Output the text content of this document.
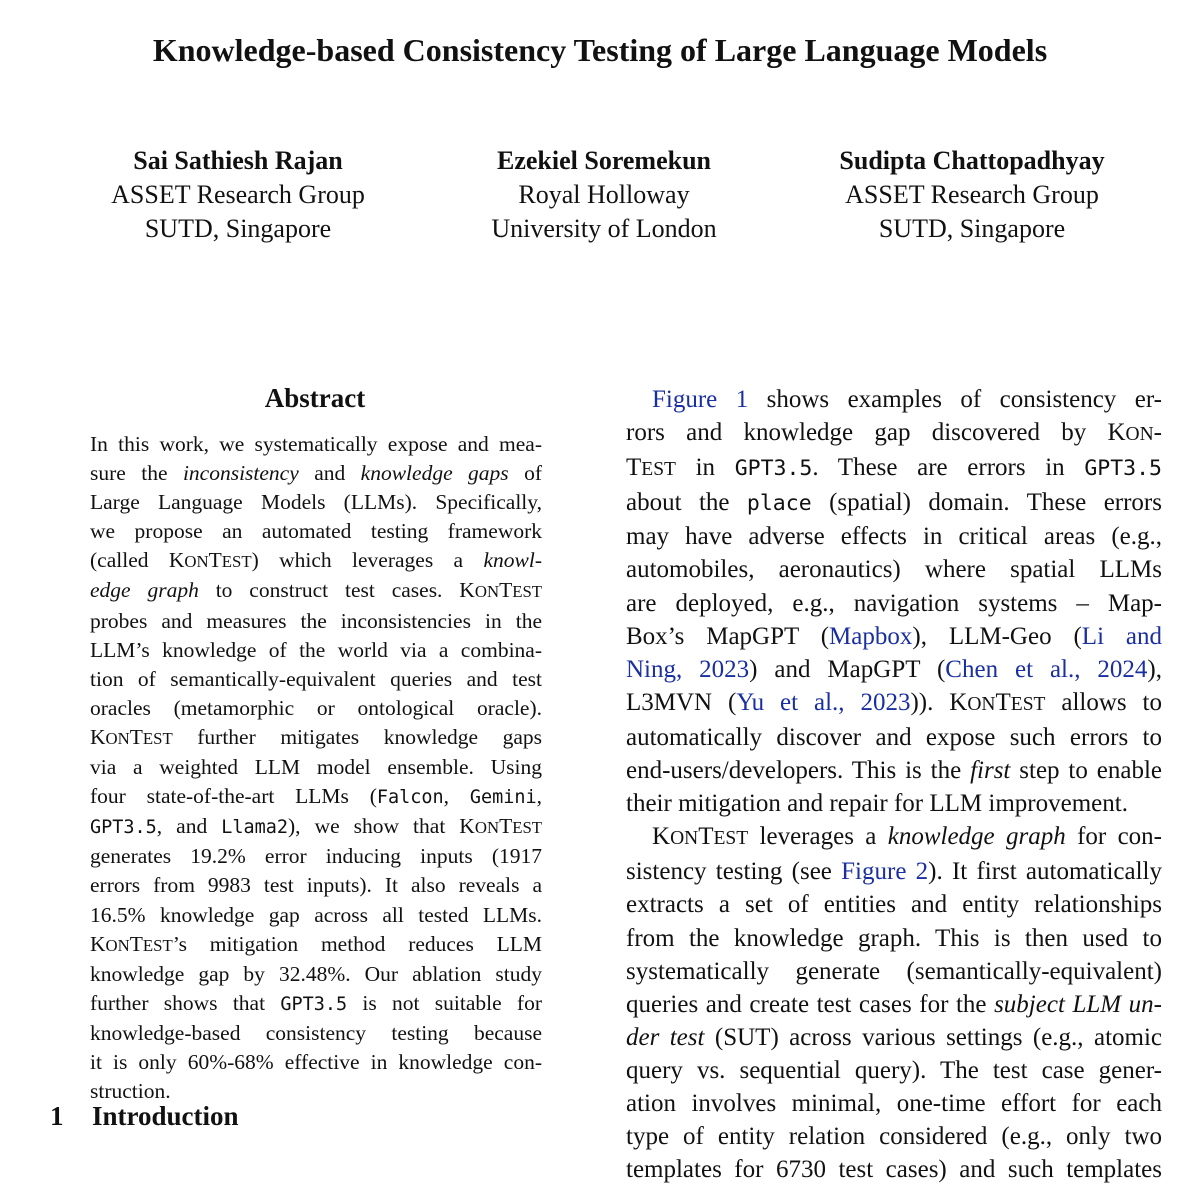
Knowledge-based Consistency Testing of Large Language Models
Sai Sathiesh Rajan
ASSET Research Group
SUTD, Singapore
Ezekiel Soremekun
Royal Holloway
University of London
Sudipta Chattopadhyay
ASSET Research Group
SUTD, Singapore
Abstract
In this work, we systematically expose and mea-
sure the inconsistency and knowledge gaps of
Large Language Models (LLMs). Specifically,
we propose an automated testing framework
(called KONTEST) which leverages a knowl-
edge graph to construct test cases. KONTEST
probes and measures the inconsistencies in the
LLM’s knowledge of the world via a combina-
tion of semantically-equivalent queries and test
oracles (metamorphic or ontological oracle).
KONTEST further mitigates knowledge gaps
via a weighted LLM model ensemble. Using
four state-of-the-art LLMs (Falcon, Gemini,
GPT3.5, and Llama2), we show that KONTEST
generates 19.2% error inducing inputs (1917
errors from 9983 test inputs). It also reveals a
16.5% knowledge gap across all tested LLMs.
KONTEST’s mitigation method reduces LLM
knowledge gap by 32.48%. Our ablation study
further shows that GPT3.5 is not suitable for
knowledge-based consistency testing because
it is only 60%-68% effective in knowledge con-
struction.
1 Introduction
Figure 1 shows examples of consistency er-
rors and knowledge gap discovered by KON-
TEST in GPT3.5. These are errors in GPT3.5
about the place (spatial) domain. These errors
may have adverse effects in critical areas (e.g.,
automobiles, aeronautics) where spatial LLMs
are deployed, e.g., navigation systems – Map-
Box’s MapGPT (Mapbox), LLM-Geo (Li and
Ning, 2023) and MapGPT (Chen et al., 2024),
L3MVN (Yu et al., 2023)). KONTEST allows to
automatically discover and expose such errors to
end-users/developers. This is the first step to enable
their mitigation and repair for LLM improvement.
KONTEST leverages a knowledge graph for con-
sistency testing (see Figure 2). It first automatically
extracts a set of entities and entity relationships
from the knowledge graph. This is then used to
systematically generate (semantically-equivalent)
queries and create test cases for the subject LLM un-
der test (SUT) across various settings (e.g., atomic
query vs. sequential query). The test case gener-
ation involves minimal, one-time effort for each
type of entity relation considered (e.g., only two
templates for 6730 test cases) and such templates
